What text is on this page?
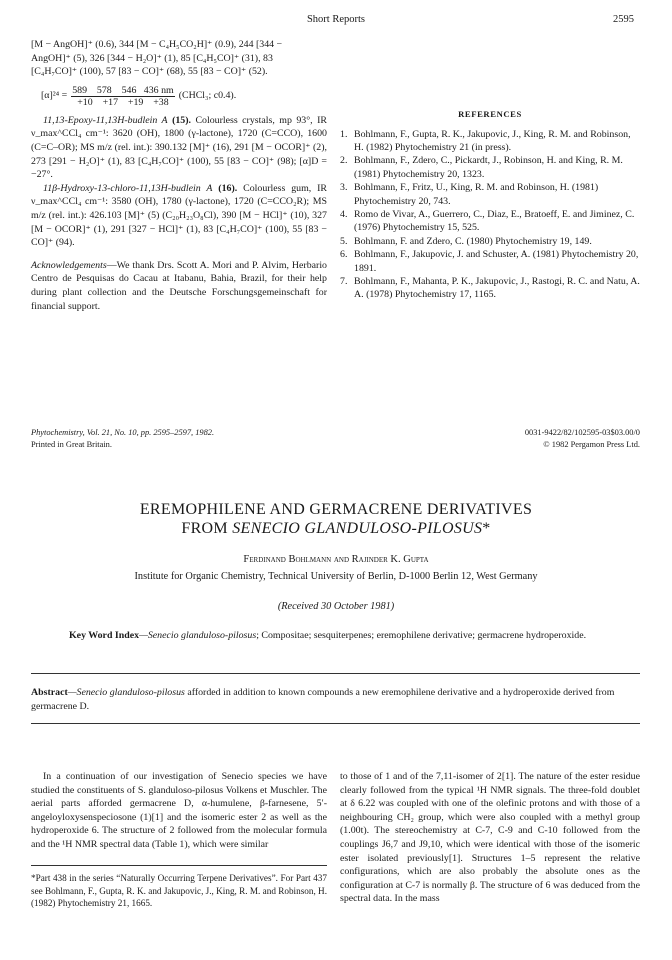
Short Reports	2595

[M − AngOH]⁺ (0.6), 344 [M − C₄H₅CO₂H]⁺ (0.9), 244 [344 −

AngOH]⁺ (5), 326 [344 − H₂O]⁺ (1), 85 [C₄H₅CO]⁺ (31), 83

[C₄H₇CO]⁺ (100), 57 [83 − CO]⁺ (68), 55 [83 − CO]⁺ (52).

$[\alpha]^{24} = \frac{589 578 546 436 nm}{+10 +17 +19 +38}$ (CHCl₃; c0.4).

11,13-Epoxy-11,13H-budlein A (15). Colourless crystals, mp 93°, IR ν_max^CCl₄ cm⁻¹: 3620 (OH), 1800 (γ-lactone), 1720 (C=CCO), 1600 (C=C–OR); MS m/z (rel. int.): 390.132 [M]⁺ (16), 291 [M − OCOR]⁺ (2), 273 [291 − H₂O]⁺ (1), 83 [C₄H₇CO]⁺ (100), 55 [83 − CO]⁺ (98); [α]D = −27°.

11β-Hydroxy-13-chloro-11,13H-budlein A (16). Colourless gum, IR ν_max^CCl₄ cm⁻¹: 3580 (OH), 1780 (γ-lactone), 1720 (C=CCO₂R); MS m/z (rel. int.): 426.103 [M]⁺ (5) (C₂₀H₂₃O₈Cl), 390 [M − HCl]⁺ (10), 327 [M − OCOR]⁺ (1), 291 [327 − HCl]⁺ (1), 83 [C₄H₇CO]⁺ (100), 55 [83 − CO]⁺ (94).

Acknowledgements—We thank Drs. Scott A. Mori and P. Alvim, Herbario Centro de Pesquisas do Cacau at Itabanu, Bahia, Brazil, for their help during plant collection and the Deutsche Forschungsgemeinschaft for financial support.

REFERENCES
1. Bohlmann, F., Gupta, R. K., Jakupovic, J., King, R. M. and Robinson, H. (1982) Phytochemistry 21 (in press).
2. Bohlmann, F., Zdero, C., Pickardt, J., Robinson, H. and King, R. M. (1981) Phytochemistry 20, 1323.
3. Bohlmann, F., Fritz, U., King, R. M. and Robinson, H. (1981) Phytochemistry 20, 743.
4. Romo de Vivar, A., Guerrero, C., Diaz, E., Bratoeff, E. and Jiminez, C. (1976) Phytochemistry 15, 525.
5. Bohlmann, F. and Zdero, C. (1980) Phytochemistry 19, 149.
6. Bohlmann, F., Jakupovic, J. and Schuster, A. (1981) Phytochemistry 20, 1891.
7. Bohlmann, F., Mahanta, P. K., Jakupovic, J., Rastogi, R. C. and Natu, A. A. (1978) Phytochemistry 17, 1165.
Phytochemistry, Vol. 21, No. 10, pp. 2595–2597, 1982.
Printed in Great Britain.
0031-9422/82/102595-03$03.00/0
© 1982 Pergamon Press Ltd.
EREMOPHILENE AND GERMACRENE DERIVATIVES
FROM SENECIO GLANDULOSO-PILOSUS*
Ferdinand Bohlmann and Rajinder K. Gupta
Institute for Organic Chemistry, Technical University of Berlin, D-1000 Berlin 12, West Germany
(Received 30 October 1981)
Key Word Index—Senecio glanduloso-pilosus; Compositae; sesquiterpenes; eremophilene derivative; germacrene hydroperoxide.
Abstract—Senecio glanduloso-pilosus afforded in addition to known compounds a new eremophilene derivative and a hydroperoxide derived from germacrene D.

In a continuation of our investigation of Senecio species we have studied the constituents of S. glanduloso-pilosus Volkens et Muschler. The aerial parts afforded germacrene D, α-humulene, β-farnesene, 5′-angeloyloxysenspeciosone (1)[1] and the isomeric ester 2 as well as the hydroperoxide 6. The structure of 2 followed from the molecular formula and the ¹H NMR spectral data (Table 1), which were similar

*Part 438 in the series “Naturally Occurring Terpene Derivatives”. For Part 437 see Bohlmann, F., Gupta, R. K. and Jakupovic, J., King, R. M. and Robinson, H. (1982) Phytochemistry 21, 1665.

to those of 1 and of the 7,11-isomer of 2[1]. The nature of the ester residue clearly followed from the typical ¹H NMR signals. The three-fold doublet at δ 6.22 was coupled with one of the olefinic protons and with those of a neighbouring CH₂ group, which were also coupled with a methyl group (1.00t). The stereochemistry at C-7, C-9 and C-10 followed from the couplings J6,7 and J9,10, which were identical with those of the isomeric ester isolated previously[1]. Structures 1–5 represent the relative configurations, which are also probably the absolute ones as the configuration at C-7 is normally β. The structure of 6 was deduced from the spectral data. In the mass
